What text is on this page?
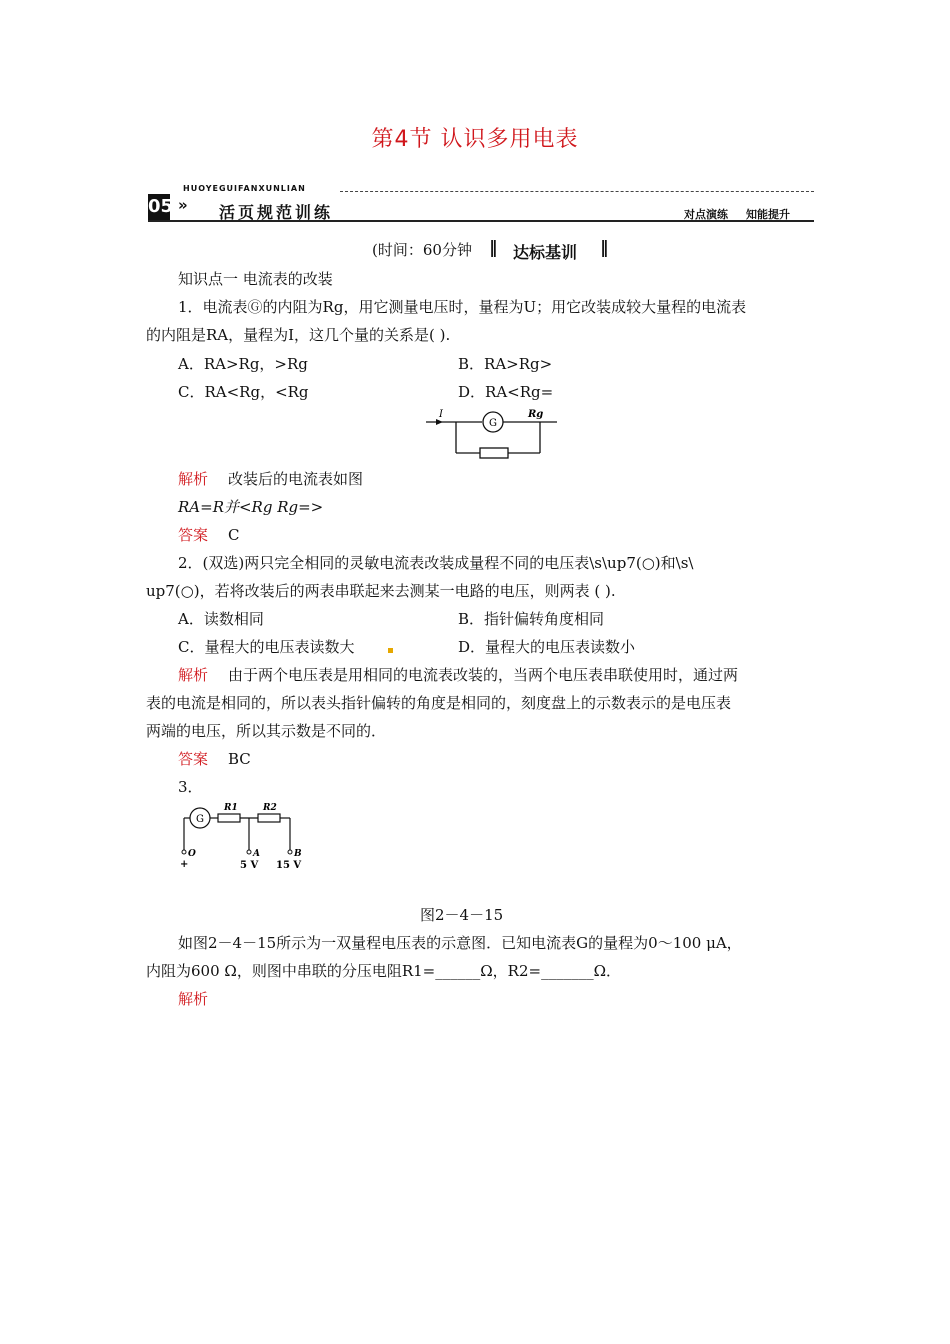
第4节 认识多用电表
HUOYEGUIFANXUNLIAN
05 » 活页规范训练	对点演练 知能提升
(时间：60分钟 ‖ 达标基训 ‖
知识点一 电流表的改装
1．电流表Ⓖ的内阻为Rg，用它测量电压时，量程为U；用它改装成较大量程的电流表
的内阻是RA，量程为I，这几个量的关系是( ).
A．RA>Rg，>Rg	B．RA>Rg>
C．RA<Rg，<Rg	D．RA<Rg=
I
G
Rg
解析 改装后的电流表如图
RA=R并<Rg Rg=>
答案 C
2．(双选)两只完全相同的灵敏电流表改装成量程不同的电压表\s\up7(○)和\s\
up7(○)，若将改装后的两表串联起来去测某一电路的电压，则两表 ( ).
A．读数相同	B．指针偏转角度相同
C．量程大的电压表读数大	D．量程大的电压表读数小
解析 由于两个电压表是用相同的电流表改装的，当两个电压表串联使用时，通过两
表的电流是相同的，所以表头指针偏转的角度是相同的，刻度盘上的示数表示的是电压表
两端的电压，所以其示数是不同的．
答案 BC
3．
R1	R2
G
O
+
A	B
5 V 15 V
图2－4－15
如图2－4－15所示为一双量程电压表的示意图．已知电流表G的量程为0～100 μA，
内阻为600 Ω，则图中串联的分压电阻R1=______Ω，R2=_______Ω．
解析
